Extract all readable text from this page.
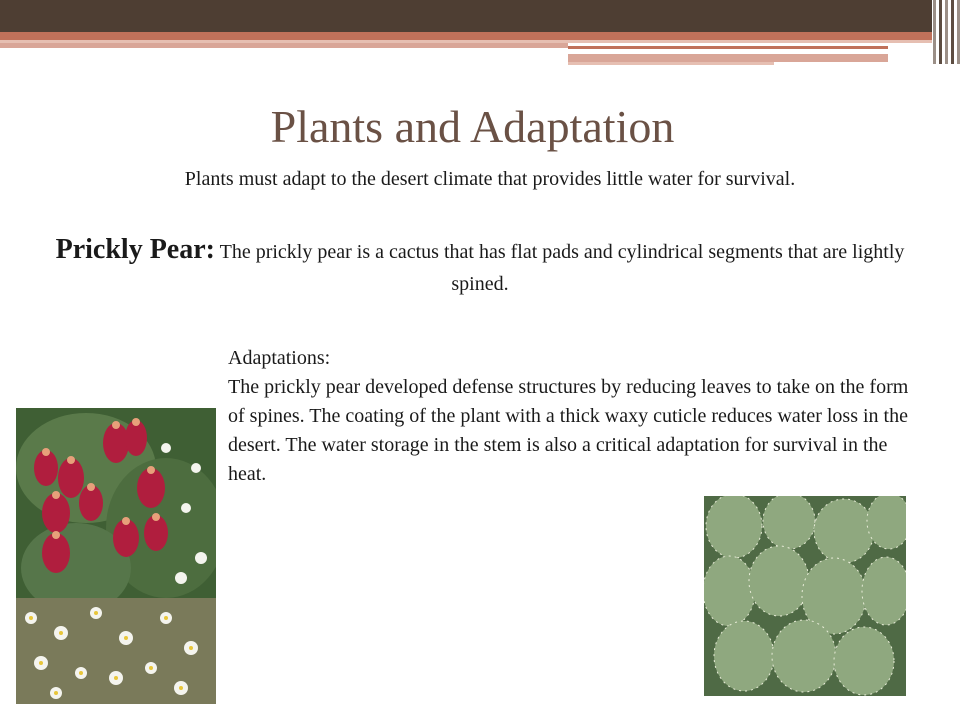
Plants and Adaptation
Plants must adapt to the desert climate that provides little water for survival.
Prickly Pear: The prickly pear is a cactus that has flat pads and cylindrical segments that are lightly spined.
Adaptations:
The prickly pear developed defense structures by reducing leaves to take on the form of spines. The coating of the plant with a thick waxy cuticle reduces water loss in the desert. The water storage in the stem is also a critical adaptation for survival in the heat.
